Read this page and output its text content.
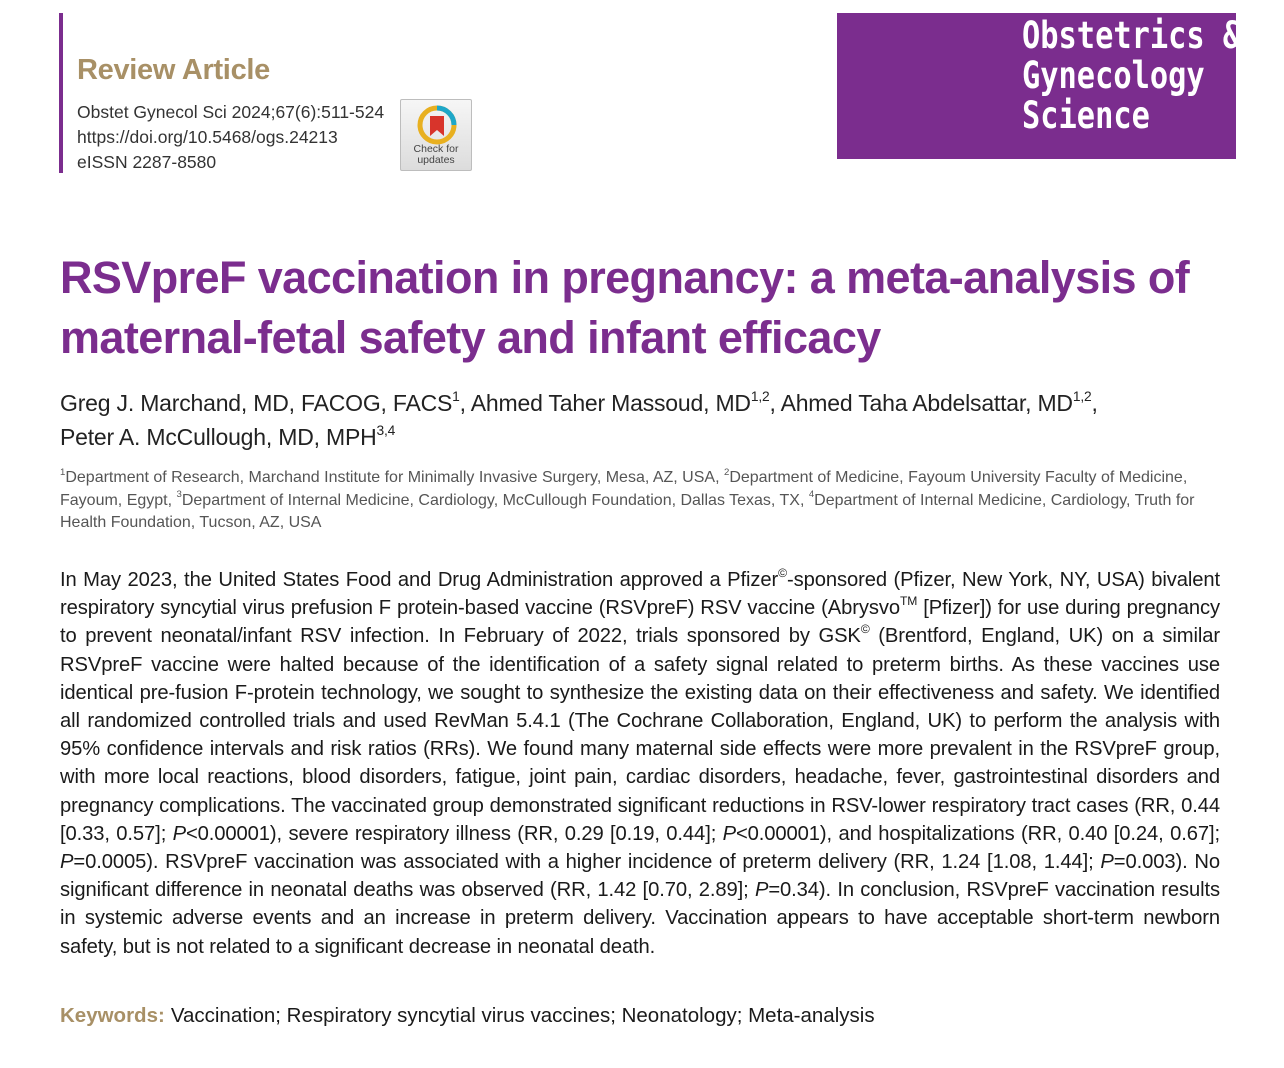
Review Article
Obstet Gynecol Sci 2024;67(6):511-524
https://doi.org/10.5468/ogs.24213
eISSN 2287-8580
Check for
updates
Obstetrics &
Gynecology
Science
RSVpreF vaccination in pregnancy: a meta-analysis of maternal-fetal safety and infant efficacy
Greg J. Marchand, MD, FACOG, FACS$^1$, Ahmed Taher Massoud, MD$^{1,2}$, Ahmed Taha Abdelsattar, MD$^{1,2}$,
Peter A. McCullough, MD, MPH$^{3,4}$
$^1$Department of Research, Marchand Institute for Minimally Invasive Surgery, Mesa, AZ, USA, $^2$Department of Medicine, Fayoum University Faculty of Medicine, Fayoum, Egypt, $^3$Department of Internal Medicine, Cardiology, McCullough Foundation, Dallas Texas, TX, $^4$Department of Internal Medicine, Cardiology, Truth for Health Foundation, Tucson, AZ, USA

In May 2023, the United States Food and Drug Administration approved a Pfizer©-sponsored (Pfizer, New York, NY, USA) bivalent respiratory syncytial virus prefusion F protein-based vaccine (RSVpreF) RSV vaccine (Abrysvo™ [Pfizer]) for use during pregnancy to prevent neonatal/infant RSV infection. In February of 2022, trials sponsored by GSK© (Brentford, England, UK) on a similar RSVpreF vaccine were halted because of the identification of a safety signal related to preterm births. As these vaccines use identical pre-fusion F-protein technology, we sought to synthesize the existing data on their effectiveness and safety. We identified all randomized controlled trials and used RevMan 5.4.1 (The Cochrane Collaboration, England, UK) to perform the analysis with 95% confidence intervals and risk ratios (RRs). We found many maternal side effects were more prevalent in the RSVpreF group, with more local reactions, blood disorders, fatigue, joint pain, cardiac disorders, headache, fever, gastrointestinal disorders and pregnancy complications. The vaccinated group demonstrated significant reductions in RSV-lower respiratory tract cases (RR, 0.44 [0.33, 0.57]; P<0.00001), severe respiratory illness (RR, 0.29 [0.19, 0.44]; P<0.00001), and hospitalizations (RR, 0.40 [0.24, 0.67]; P=0.0005). RSVpreF vaccination was associated with a higher incidence of preterm delivery (RR, 1.24 [1.08, 1.44]; P=0.003). No significant difference in neonatal deaths was observed (RR, 1.42 [0.70, 2.89]; P=0.34). In conclusion, RSVpreF vaccination results in systemic adverse events and an increase in preterm delivery. Vaccination appears to have acceptable short-term newborn safety, but is not related to a significant decrease in neonatal death.

Keywords: Vaccination; Respiratory syncytial virus vaccines; Neonatology; Meta-analysis
